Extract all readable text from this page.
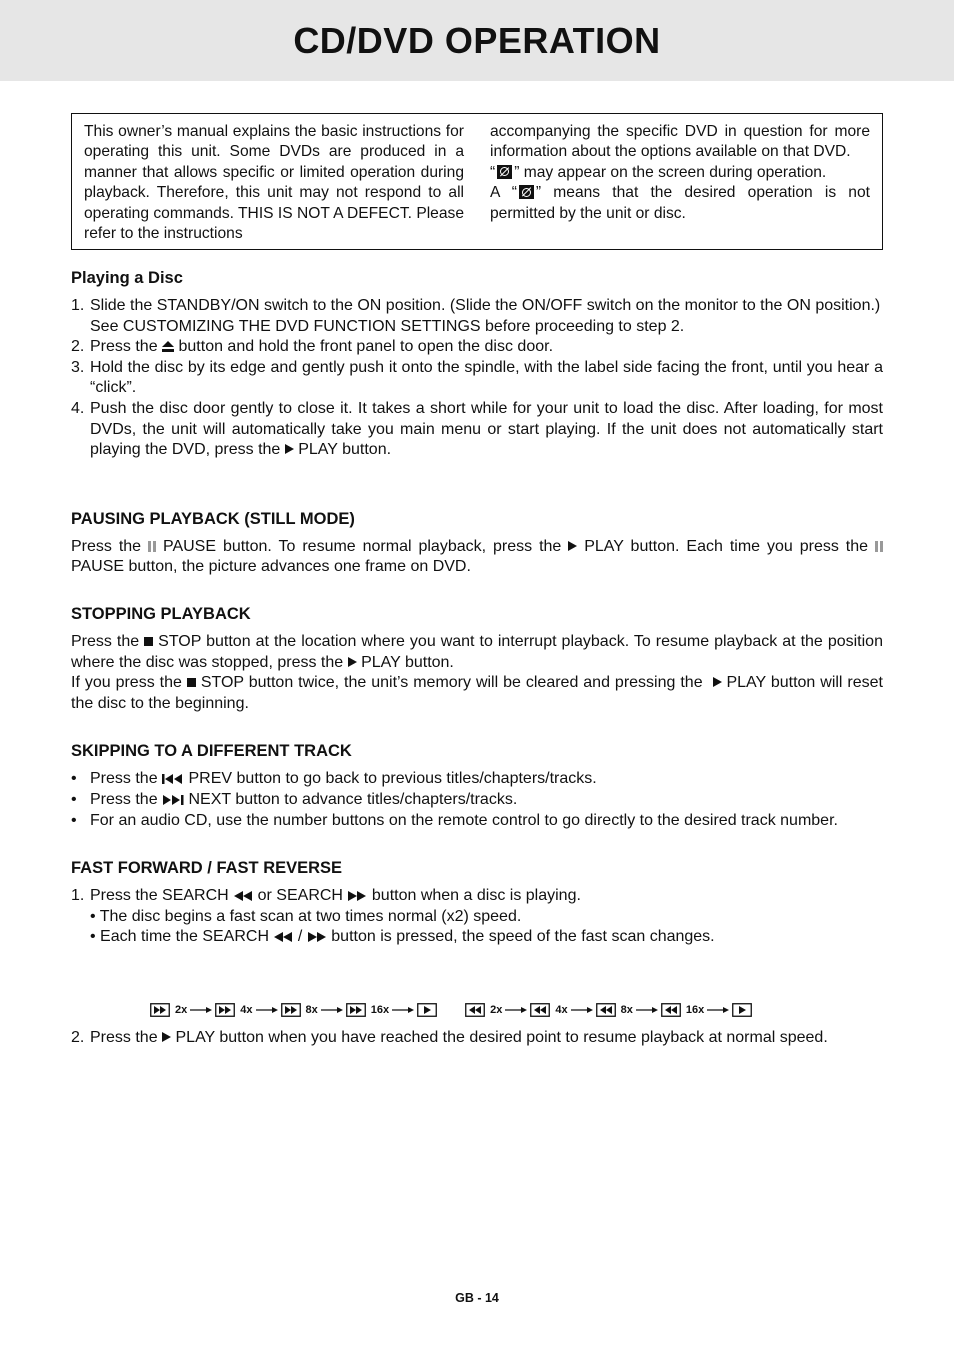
CD/DVD OPERATION

This owner’s manual explains the basic instructions for operating this unit. Some DVDs are produced in a manner that allows specific or limited operation during playback. Therefore, this unit may not respond to all operating commands. THIS IS NOT A DEFECT. Please refer to the instructions

accompanying the specific DVD in question for more information about the options available on that DVD.

“ ” may appear on the screen during operation.

A “ ” means that the desired operation is not permitted by the unit or disc.

Playing a Disc
1. Slide the STANDBY/ON switch to the ON position. (Slide the ON/OFF switch on the monitor to the ON position.)
See CUSTOMIZING THE DVD FUNCTION SETTINGS before proceeding to step 2.
2. Press the button and hold the front panel to open the disc door.
3. Hold the disc by its edge and gently push it onto the spindle, with the label side facing the front, until you hear a “click”.
4. Push the disc door gently to close it. It takes a short while for your unit to load the disc. After loading, for most DVDs, the unit will automatically take you main menu or start playing. If the unit does not automatically start playing the DVD, press the PLAY button.
PAUSING PLAYBACK (STILL MODE)

Press the PAUSE button. To resume normal playback, press the PLAY button. Each time you press the  PAUSE button, the picture advances one frame on DVD.

STOPPING PLAYBACK

Press the STOP button at the location where you want to interrupt playback. To resume playback at the position where the disc was stopped, press the PLAY button.

If you press the STOP button twice, the unit’s memory will be cleared and pressing the PLAY button will reset the disc to the beginning.

SKIPPING TO A DIFFERENT TRACK
• Press the PREV button to go back to previous titles/chapters/tracks.
• Press the NEXT button to advance titles/chapters/tracks.
• For an audio CD, use the number buttons on the remote control to go directly to the desired track number.
FAST FORWARD / FAST REVERSE
1. Press the SEARCH or SEARCH button when a disc is playing.
• The disc begins a fast scan at two times normal (x2) speed.
• Each time the SEARCH / button is pressed, the speed of the fast scan changes.
2x	4x	8x	16x	2x	4x	8x	16x
2. Press the PLAY button when you have reached the desired point to resume playback at normal speed.
GB - 14
